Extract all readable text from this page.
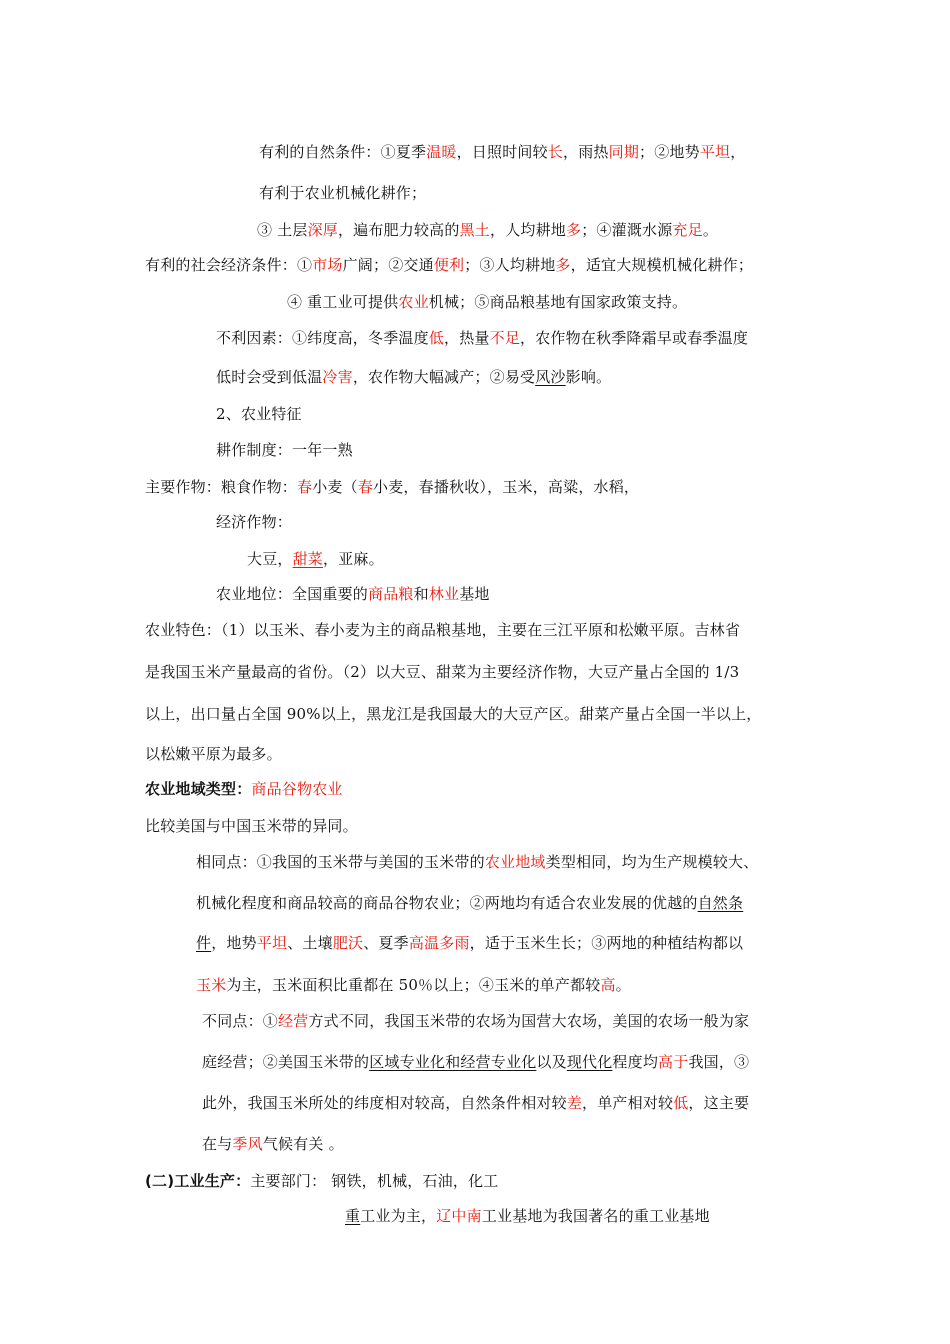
有利的自然条件：①夏季温暖，日照时间较长，雨热同期；②地势平坦，

有利于农业机械化耕作；

③ 土层深厚，遍布肥力较高的黑土，人均耕地多；④灌溉水源充足。

有利的社会经济条件：①市场广阔；②交通便利；③人均耕地多，适宜大规模机械化耕作；

④ 重工业可提供农业机械；⑤商品粮基地有国家政策支持。

不利因素：①纬度高，冬季温度低，热量不足，农作物在秋季降霜早或春季温度

低时会受到低温冷害，农作物大幅减产；②易受风沙影响。

2、农业特征

耕作制度：一年一熟

主要作物：粮食作物：春小麦（春小麦，春播秋收），玉米，高粱，水稻，

经济作物：

大豆，甜菜，亚麻。

农业地位：全国重要的商品粮和林业基地

农业特色：（1）以玉米、春小麦为主的商品粮基地，主要在三江平原和松嫩平原。吉林省

是我国玉米产量最高的省份。（2）以大豆、甜菜为主要经济作物，大豆产量占全国的 1/3

以上，出口量占全国 90%以上，黑龙江是我国最大的大豆产区。甜菜产量占全国一半以上，

以松嫩平原为最多。

农业地域类型：商品谷物农业

比较美国与中国玉米带的异同。

相同点：①我国的玉米带与美国的玉米带的农业地域类型相同，均为生产规模较大、

机械化程度和商品较高的商品谷物农业；②两地均有适合农业发展的优越的自然条

件，地势平坦、土壤肥沃、夏季高温多雨，适于玉米生长；③两地的种植结构都以

玉米为主，玉米面积比重都在 50％以上；④玉米的单产都较高。

不同点：①经营方式不同，我国玉米带的农场为国营大农场，美国的农场一般为家

庭经营；②美国玉米带的区域专业化和经营专业化以及现代化程度均高于我国，③

此外，我国玉米所处的纬度相对较高，自然条件相对较差，单产相对较低，这主要

在与季风气候有关 。

(二)工业生产：主要部门： 钢铁，机械，石油，化工

重工业为主，辽中南工业基地为我国著名的重工业基地
